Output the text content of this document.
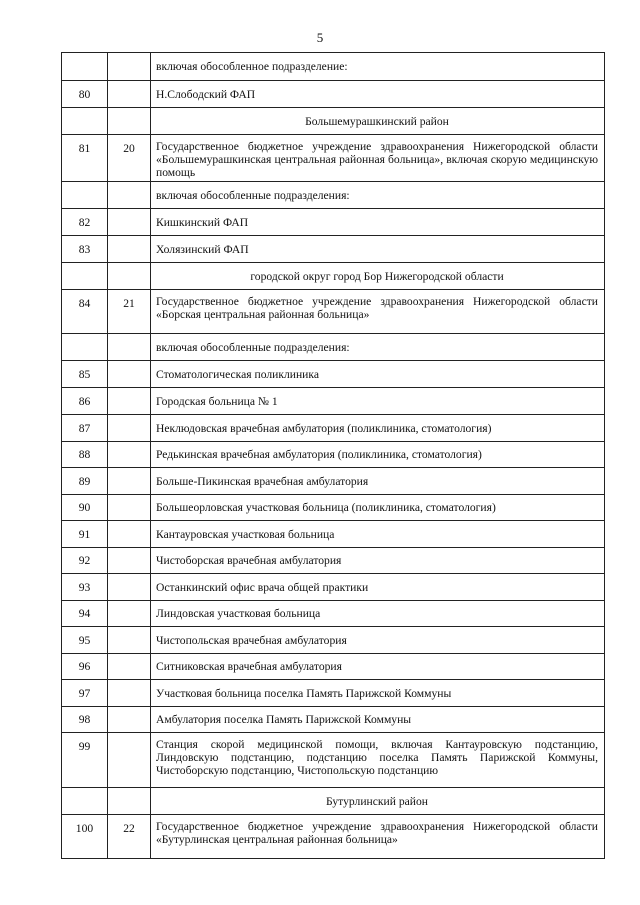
5
		включая обособленное подразделение:
80		Н.Слободский ФАП
		Большемурашкинский район
81	20	Государственное бюджетное учреждение здравоохранения Нижегородской области «Большемурашкинская центральная районная больница», включая скорую медицинскую помощь
		включая обособленные подразделения:
82		Кишкинский ФАП
83		Холязинский ФАП
		городской округ город Бор Нижегородской области
84	21	Государственное бюджетное учреждение здравоохранения Нижегородской области «Борская центральная районная больница»
		включая обособленные подразделения:
85		Стоматологическая поликлиника
86		Городская больница № 1
87		Неклюдовская врачебная амбулатория (поликлиника, стоматология)
88		Редькинская врачебная амбулатория (поликлиника, стоматология)
89		Больше-Пикинская врачебная амбулатория
90		Большеорловская участковая больница (поликлиника, стоматология)
91		Кантауровская участковая больница
92		Чистоборская врачебная амбулатория
93		Останкинский офис врача общей практики
94		Линдовская участковая больница
95		Чистопольская врачебная амбулатория
96		Ситниковская врачебная амбулатория
97		Участковая больница поселка Память Парижской Коммуны
98		Амбулатория поселка Память Парижской Коммуны
99		Станция скорой медицинской помощи, включая Кантауровскую подстанцию, Линдовскую подстанцию, подстанцию поселка Память Парижской Коммуны, Чистоборскую подстанцию, Чистопольскую подстанцию
		Бутурлинский район
100	22	Государственное бюджетное учреждение здравоохранения Нижегородской области «Бутурлинская центральная районная больница»
